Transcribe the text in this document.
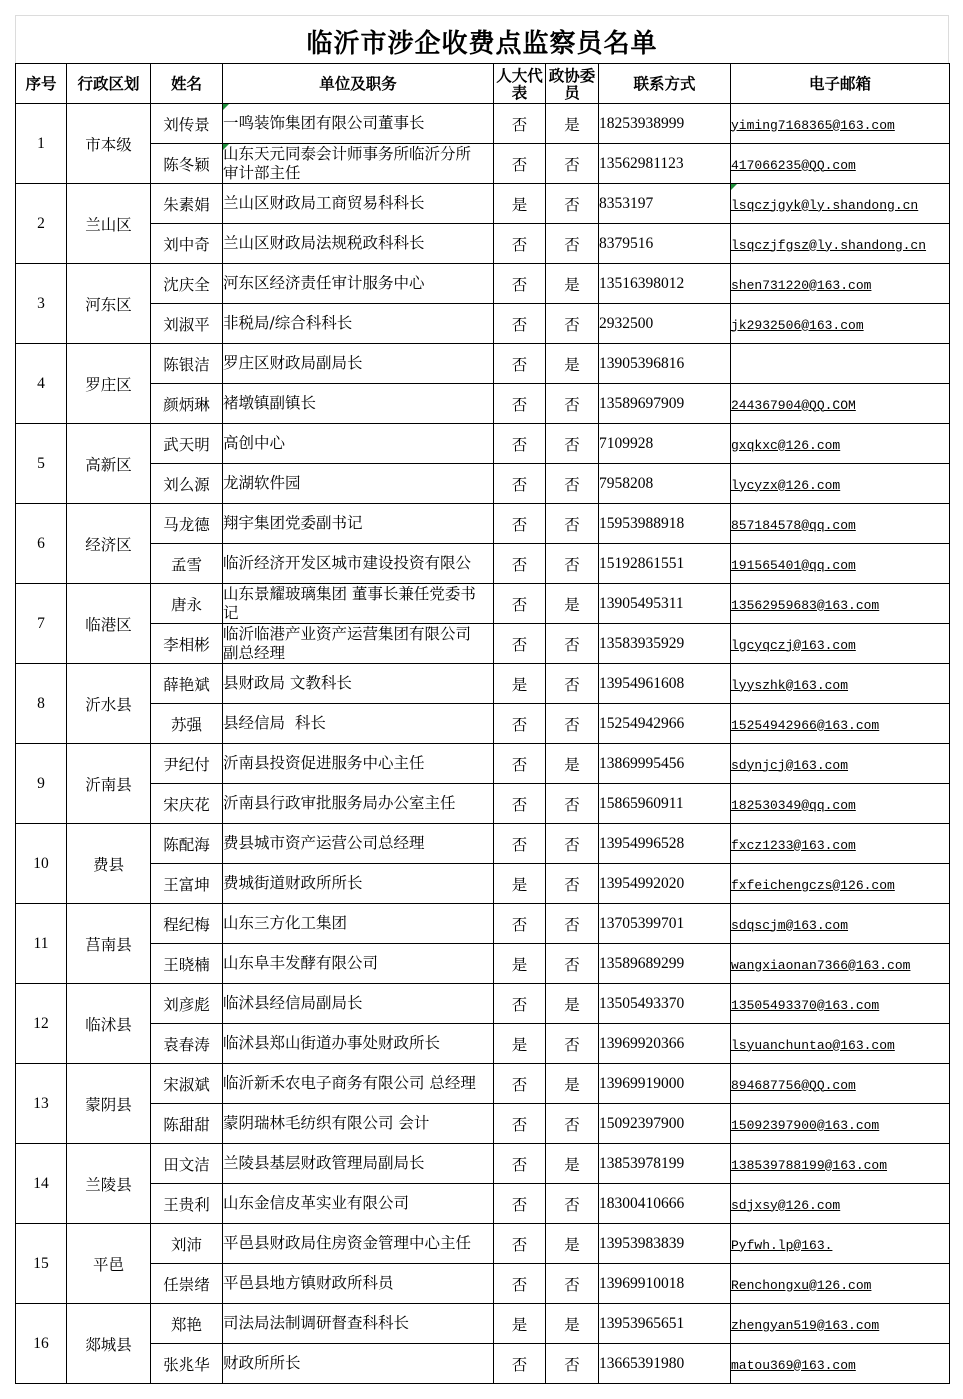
临沂市涉企收费点监察员名单
序号	行政区划	姓名	单位及职务	人大代表	政协委员	联系方式	电子邮箱
1	市本级	刘传景	一鸣装饰集团有限公司董事长	否	是	18253938999	yiming7168365@163.com
		陈冬颖	山东天元同泰会计师事务所临沂分所
审计部主任	否	否	13562981123	417066235@QQ.com
2	兰山区	朱素娟	兰山区财政局工商贸易科科长	是	否	8353197	lsqczjgyk@ly.shandong.cn

		刘中奇	兰山区财政局法规税政科科长	否	否	8379516	lsqczjfgsz@ly.shandong.cn
3	河东区	沈庆全	河东区经济责任审计服务中心	否	是	13516398012	shen731220@163.com
		刘淑平	非税局/综合科科长	否	否	2932500	jk2932506@163.com
4	罗庄区	陈银洁	罗庄区财政局副局长	否	是	13905396816	
		颜炳琳	褚墩镇副镇长	否	否	13589697909	244367904@QQ.COM
5	高新区	武天明	高创中心	否	否	7109928	gxqkxc@126.com
		刘么源	龙湖软件园	否	否	7958208	lycyzx@126.com
6	经济区	马龙德	翔宇集团党委副书记	否	否	15953988918	857184578@qq.com
		孟雪	临沂经济开发区城市建设投资有限公	否	否	15192861551	191565401@qq.com
7	临港区	唐永	山东景耀玻璃集团 董事长兼任党委书
记	否	是	13905495311	13562959683@163.com
		李相彬	临沂临港产业资产运营集团有限公司
副总经理	否	否	13583935929	lgcyqczj@163.com
8	沂水县	薛艳斌	县财政局 文教科长	是	否	13954961608	lyyszhk@163.com
		苏强	县经信局  科长	否	否	15254942966	15254942966@163.com
9	沂南县	尹纪付	沂南县投资促进服务中心主任	否	是	13869995456	sdynjcj@163.com
		宋庆花	沂南县行政审批服务局办公室主任	否	否	15865960911	182530349@qq.com
10	费县	陈配海	费县城市资产运营公司总经理	否	否	13954996528	fxcz1233@163.com
		王富坤	费城街道财政所所长	是	否	13954992020	fxfeichengczs@126.com
11	莒南县	程纪梅	山东三方化工集团	否	否	13705399701	sdqscjm@163.com
		王晓楠	山东阜丰发酵有限公司	是	否	13589689299	wangxiaonan7366@163.com
12	临沭县	刘彦彪	临沭县经信局副局长	否	是	13505493370	13505493370@163.com
		袁春涛	临沭县郑山街道办事处财政所长	是	否	13969920366	lsyuanchuntao@163.com
13	蒙阴县	宋淑斌	临沂新禾农电子商务有限公司 总经理	否	是	13969919000	894687756@QQ.com
		陈甜甜	蒙阴瑞林毛纺织有限公司 会计	否	否	15092397900	15092397900@163.com
14	兰陵县	田文洁	兰陵县基层财政管理局副局长	否	是	13853978199	138539788199@163.com
		王贵利	山东金信皮革实业有限公司	否	否	18300410666	sdjxsy@126.com
15	平邑	刘沛	平邑县财政局住房资金管理中心主任	否	是	13953983839	Pyfwh.lp@163.
		任崇绪	平邑县地方镇财政所科员	否	否	13969910018	Renchongxu@126.com
16	郯城县	郑艳	司法局法制调研督查科科长	是	是	13953965651	zhengyan519@163.com
		张兆华	财政所所长	否	否	13665391980	matou369@163.com
